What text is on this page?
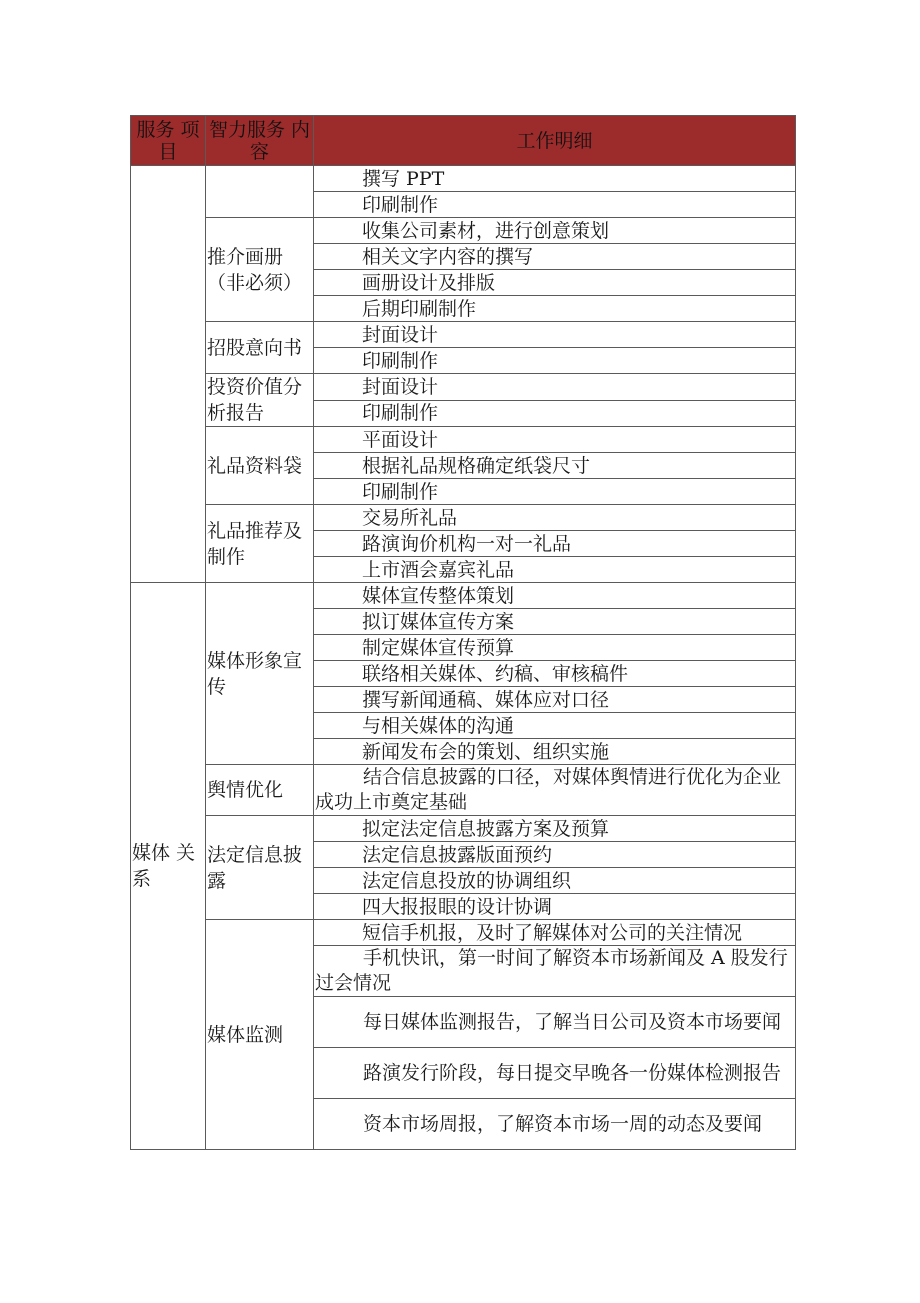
服务 项 目	智力服务 内容	工作明细
		撰写 PPT
		印刷制作
	推介画册（非必须）	收集公司素材，进行创意策划
		相关文字内容的撰写
		画册设计及排版
		后期印刷制作
	招股意向书	封面设计
		印刷制作
	投资价值分析报告	封面设计
		印刷制作
	礼品资料袋	平面设计
		根据礼品规格确定纸袋尺寸
		印刷制作
	礼品推荐及制作	交易所礼品
		路演询价机构一对一礼品
		上市酒会嘉宾礼品
媒体 关系	媒体形象宣传	媒体宣传整体策划
		拟订媒体宣传方案
		制定媒体宣传预算
		联络相关媒体、约稿、审核稿件
		撰写新闻通稿、媒体应对口径
		与相关媒体的沟通
		新闻发布会的策划、组织实施
	舆情优化	结合信息披露的口径，对媒体舆情进行优化为企业成功上市奠定基础
	法定信息披露	拟定法定信息披露方案及预算
		法定信息披露版面预约
		法定信息投放的协调组织
		四大报报眼的设计协调
	媒体监测	短信手机报，及时了解媒体对公司的关注情况
		手机快讯，第一时间了解资本市场新闻及 A 股发行过会情况
		每日媒体监测报告，了解当日公司及资本市场要闻
		路演发行阶段，每日提交早晚各一份媒体检测报告
		资本市场周报，了解资本市场一周的动态及要闻
